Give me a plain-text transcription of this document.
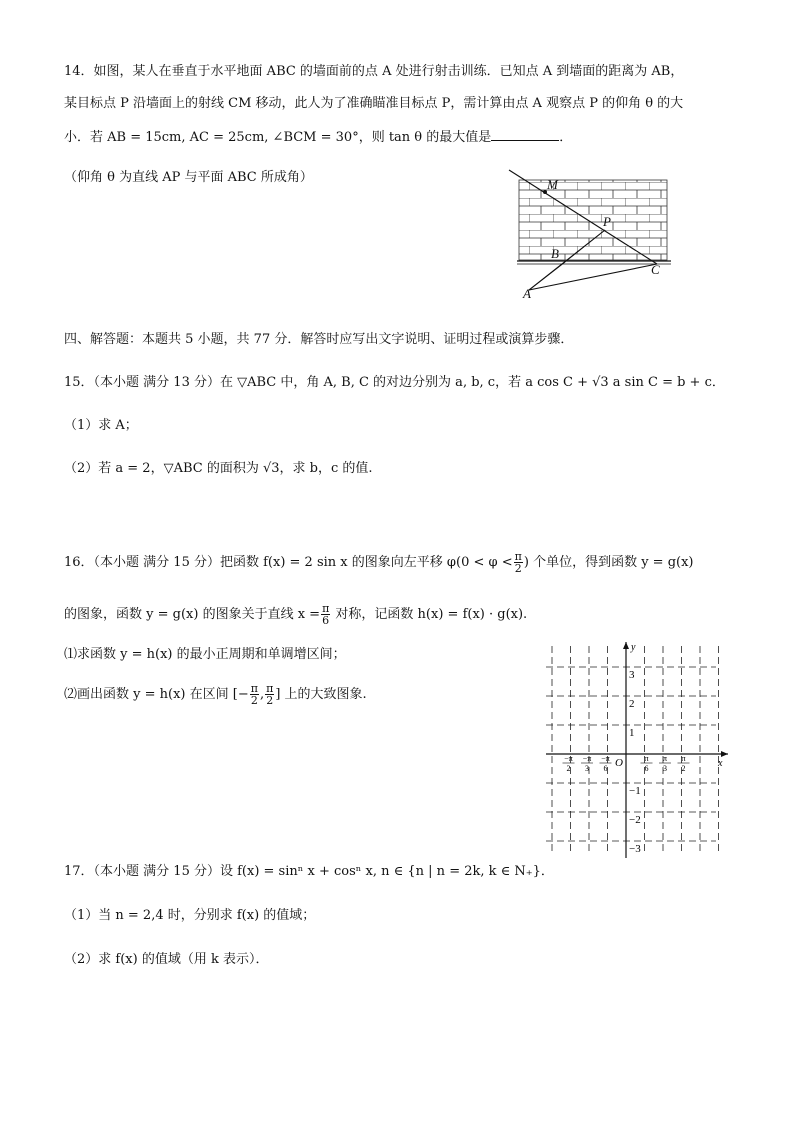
14．如图，某人在垂直于水平地面 ABC 的墙面前的点 A 处进行射击训练．已知点 A 到墙面的距离为 AB，
某目标点 P 沿墙面上的射线 CM 移动，此人为了准确瞄准目标点 P，需计算由点 A 观察点 P 的仰角 θ 的大
小．若 AB = 15cm, AC = 25cm, ∠BCM = 30°，则 tan θ 的最大值是	．
（仰角 θ 为直线 AP 与平面 ABC 所成角）	M
P
B
C
A
四、解答题：本题共 5 小题，共 77 分．解答时应写出文字说明、证明过程或演算步骤．
15．（本小题 满分 13 分）在 ▽ABC 中，角 A, B, C 的对边分别为 a, b, c，若 a cos C + √3 a sin C = b + c．
（1）求 A；
（2）若 a = 2，▽ABC 的面积为 √3，求 b，c 的值.
16．（本小题 满分 15 分）把函数 f(x) = 2 sin x 的图象向左平移 $\varphi(0 < \varphi < \frac{\pi}{2}$ ) 个单位，得到函数 y = g(x)
的图象，函数 y = g(x) 的图象关于直线 $x = \frac{\pi}{6}$ 对称，记函数 h(x) = f(x) · g(x).
⑴求函数 y = h(x) 的最小正周期和单调增区间；
⑵画出函数 y = h(x) 在区间 [− $\frac{\pi}{2}$ , $\frac{\pi}{2}$ ] 上的大致图象.
y
x
O
3
2
1
−1
−2
−3
−π
2
−π
3
−π
6
π
6
π
3
π
2
17．（本小题 满分 15 分）设 f(x) = sinⁿ x + cosⁿ x, n ∈ {n | n = 2k, k ∈ N₊}．
（1）当 n = 2,4 时，分别求 f(x) 的值域；
（2）求 f(x) 的值域（用 k 表示）．
